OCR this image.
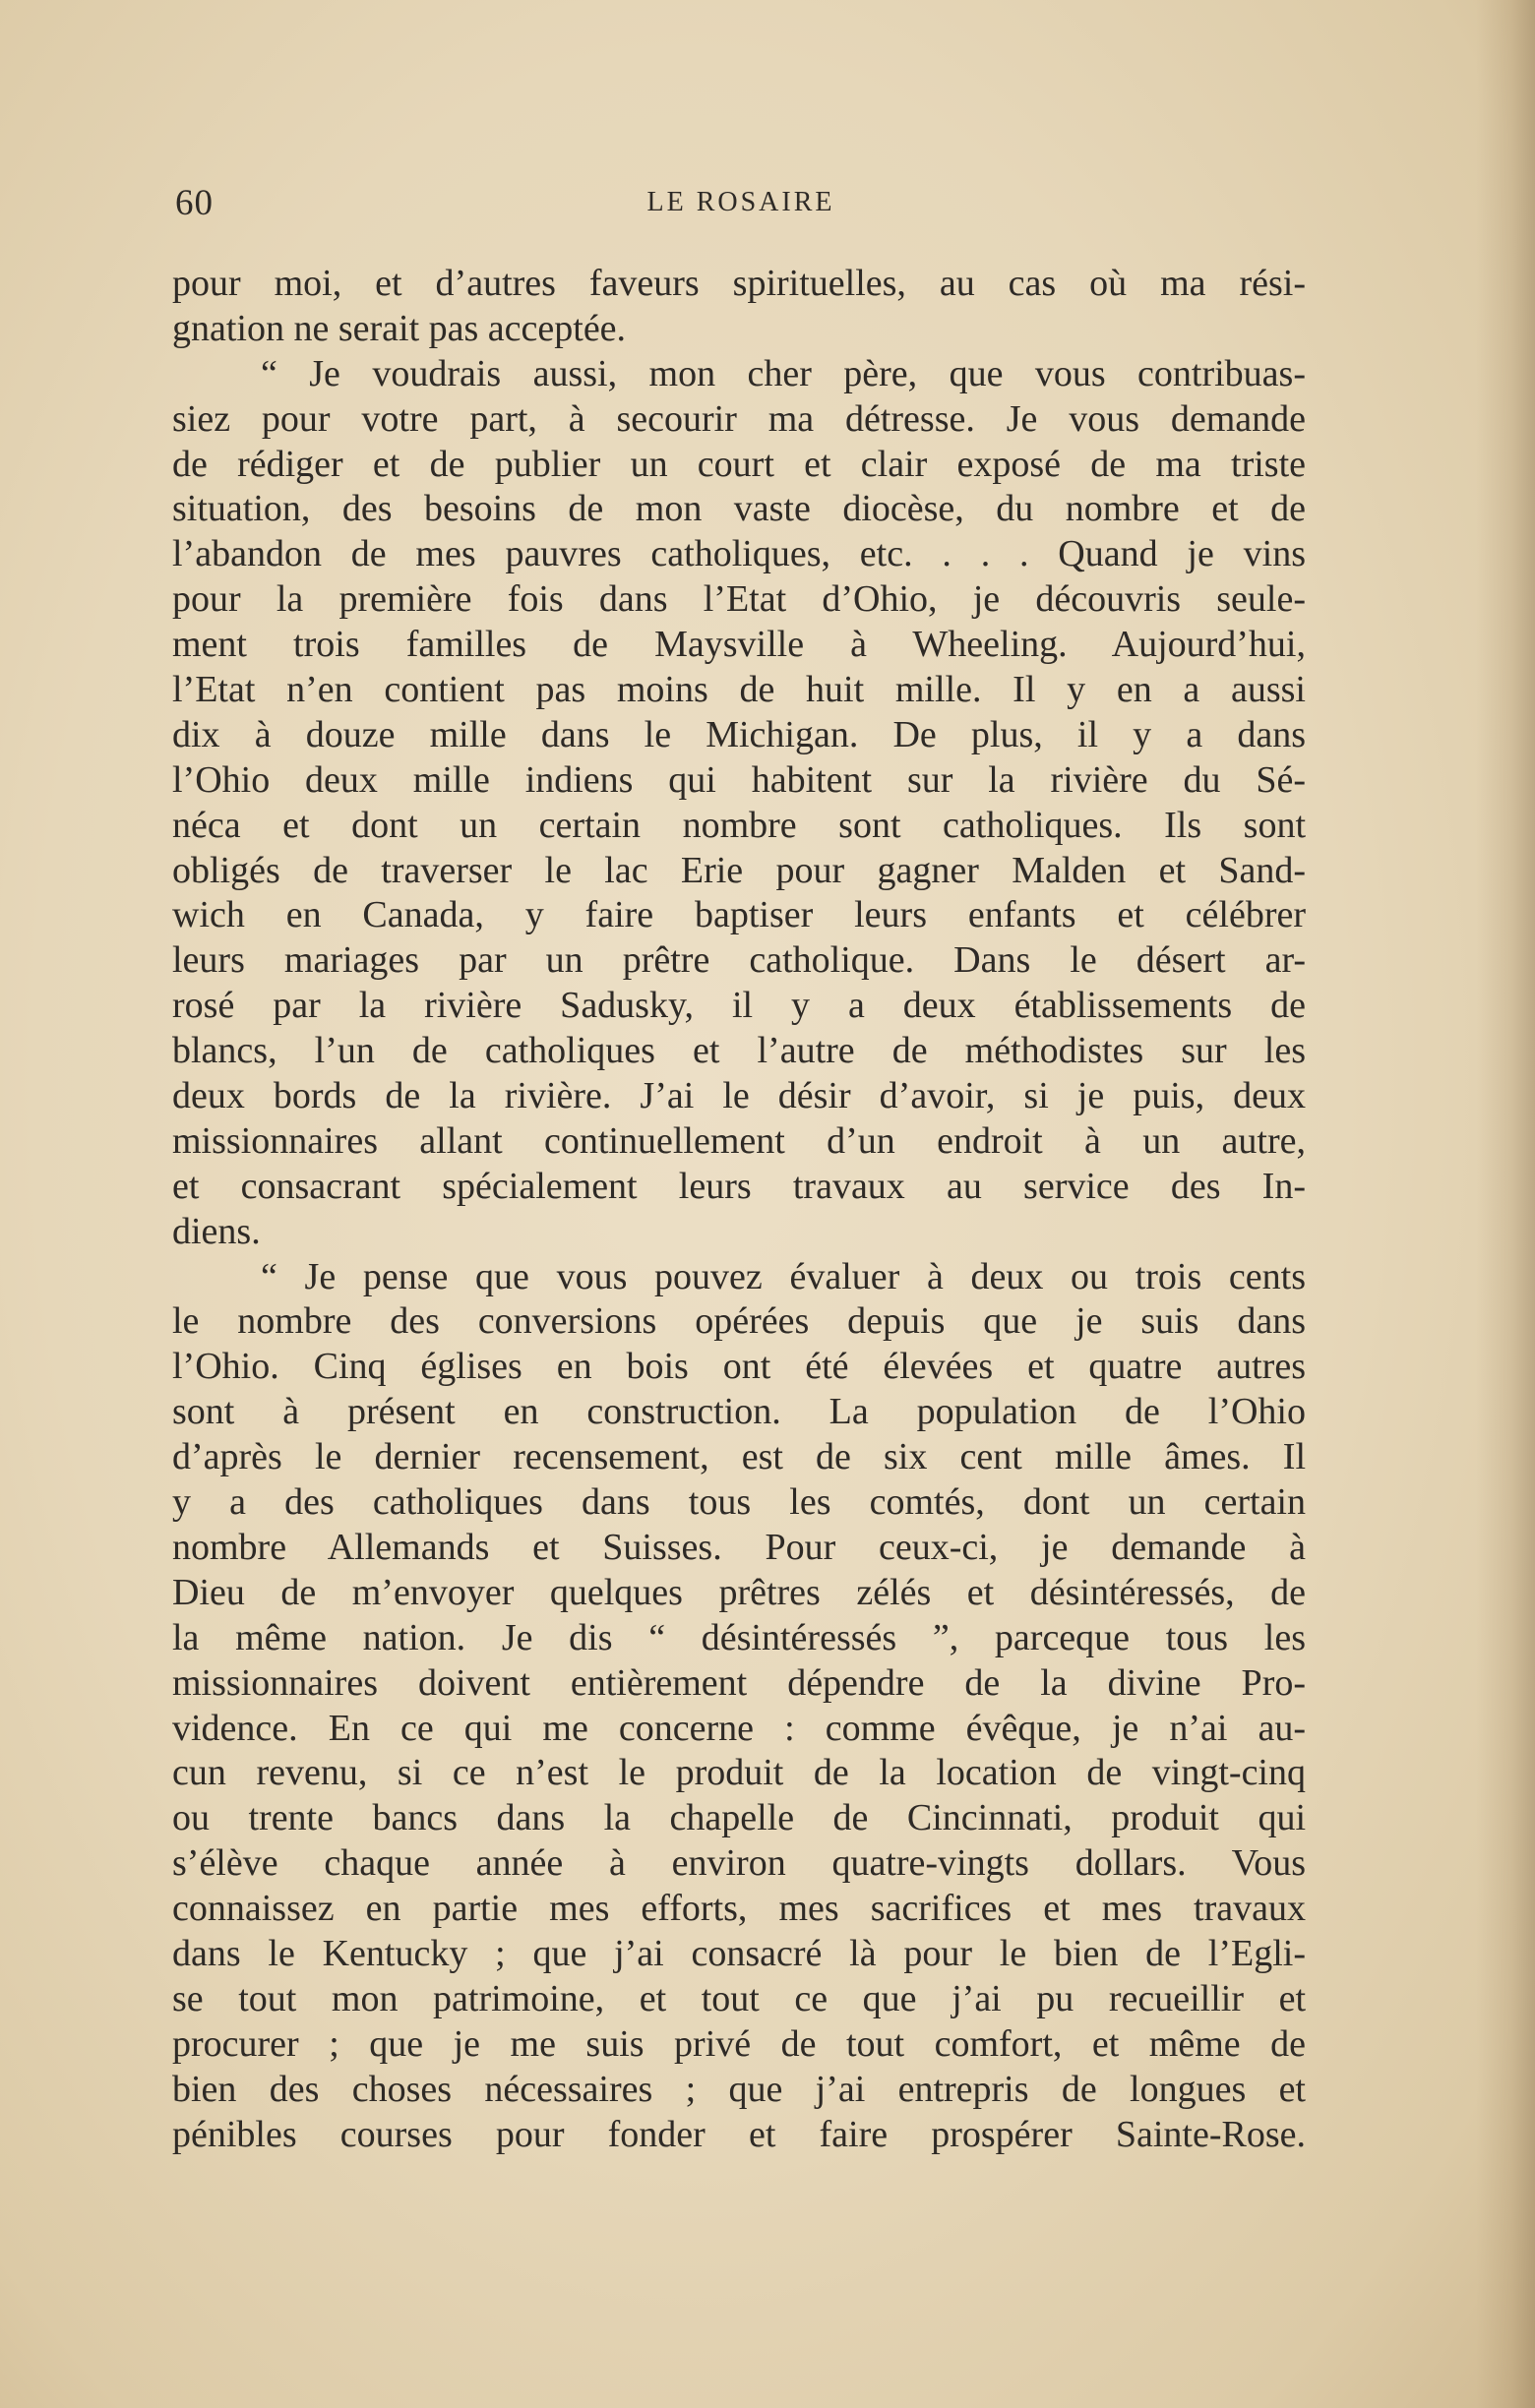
60	LE ROSAIRE
pour moi, et d’autres faveurs spirituelles, au cas où ma rési-
gnation ne serait pas acceptée.
“ Je voudrais aussi, mon cher père, que vous contribuas-
siez pour votre part, à secourir ma détresse. Je vous demande
de rédiger et de publier un court et clair exposé de ma triste
situation, des besoins de mon vaste diocèse, du nombre et de
l’abandon de mes pauvres catholiques, etc. . . . Quand je vins
pour la première fois dans l’Etat d’Ohio, je découvris seule-
ment trois familles de Maysville à Wheeling. Aujourd’hui,
l’Etat n’en contient pas moins de huit mille. Il y en a aussi
dix à douze mille dans le Michigan. De plus, il y a dans
l’Ohio deux mille indiens qui habitent sur la rivière du Sé-
néca et dont un certain nombre sont catholiques. Ils sont
obligés de traverser le lac Erie pour gagner Malden et Sand-
wich en Canada, y faire baptiser leurs enfants et célébrer
leurs mariages par un prêtre catholique. Dans le désert ar-
rosé par la rivière Sadusky, il y a deux établissements de
blancs, l’un de catholiques et l’autre de méthodistes sur les
deux bords de la rivière. J’ai le désir d’avoir, si je puis, deux
missionnaires allant continuellement d’un endroit à un autre,
et consacrant spécialement leurs travaux au service des In-
diens.
“ Je pense que vous pouvez évaluer à deux ou trois cents
le nombre des conversions opérées depuis que je suis dans
l’Ohio. Cinq églises en bois ont été élevées et quatre autres
sont à présent en construction. La population de l’Ohio
d’après le dernier recensement, est de six cent mille âmes. Il
y a des catholiques dans tous les comtés, dont un certain
nombre Allemands et Suisses. Pour ceux-ci, je demande à
Dieu de m’envoyer quelques prêtres zélés et désintéressés, de
la même nation. Je dis “ désintéressés ”, parceque tous les
missionnaires doivent entièrement dépendre de la divine Pro-
vidence. En ce qui me concerne : comme évêque, je n’ai au-
cun revenu, si ce n’est le produit de la location de vingt-cinq
ou trente bancs dans la chapelle de Cincinnati, produit qui
s’élève chaque année à environ quatre-vingts dollars. Vous
connaissez en partie mes efforts, mes sacrifices et mes travaux
dans le Kentucky ; que j’ai consacré là pour le bien de l’Egli-
se tout mon patrimoine, et tout ce que j’ai pu recueillir et
procurer ; que je me suis privé de tout comfort, et même de
bien des choses nécessaires ; que j’ai entrepris de longues et
pénibles courses pour fonder et faire prospérer Sainte-Rose.
